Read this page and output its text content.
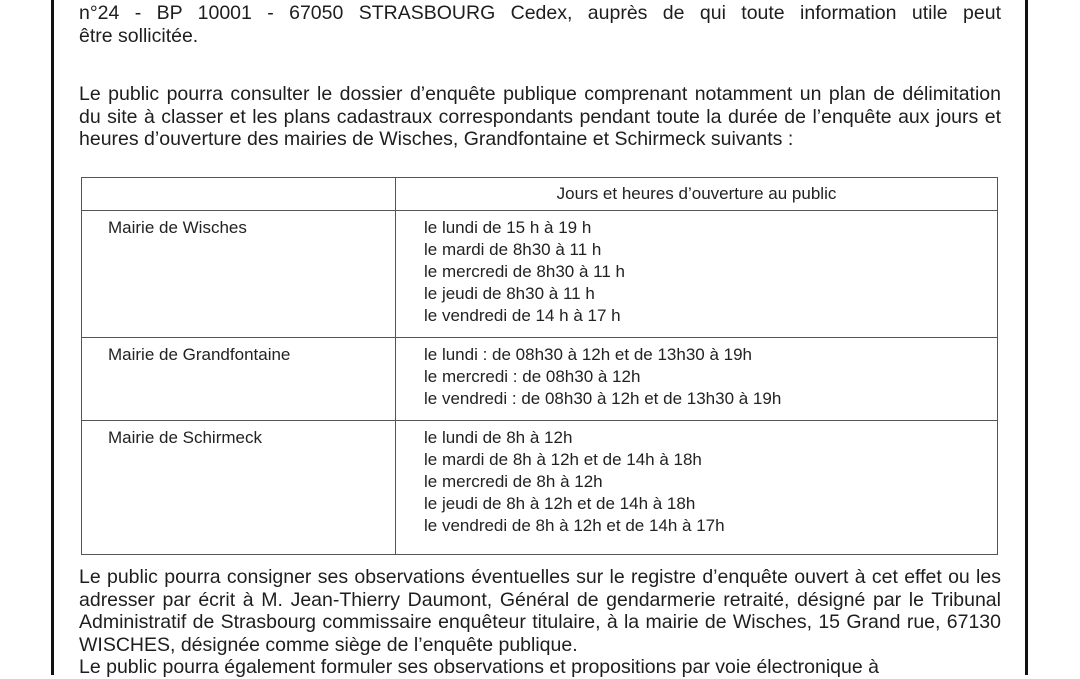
n°24 - BP 10001 - 67050 STRASBOURG Cedex, auprès de qui toute information utile peut
être sollicitée.

Le public pourra consulter le dossier d’enquête publique comprenant notamment un plan de délimitation du site à classer et les plans cadastraux correspondants pendant toute la durée de l’enquête aux jours et heures d’ouverture des mairies de Wisches, Grandfontaine et Schirmeck suivants :

Le public pourra consigner ses observations éventuelles sur le registre d’enquête ouvert à cet effet ou les adresser par écrit à M. Jean-Thierry Daumont, Général de gendarmerie retraité, désigné par le Tribunal Administratif de Strasbourg commissaire enquêteur titulaire, à la mairie de Wisches, 15 Grand rue, 67130 WISCHES, désignée comme siège de l’enquête publique.

Le public pourra également formuler ses observations et propositions par voie électronique à

	Jours et heures d’ouverture au public
Mairie de Wisches	le lundi de 15 h à 19 h
le mardi de 8h30 à 11 h
le mercredi de 8h30 à 11 h
le jeudi de 8h30 à 11 h
le vendredi de 14 h à 17 h

Mairie de Grandfontaine	le lundi : de 08h30 à 12h et de 13h30 à 19h
le mercredi : de 08h30 à 12h
le vendredi : de 08h30 à 12h et de 13h30 à 19h

Mairie de Schirmeck	le lundi de 8h à 12h
le mardi de 8h à 12h et de 14h à 18h
le mercredi de 8h à 12h
le jeudi de 8h à 12h et de 14h à 18h
le vendredi de 8h à 12h et de 14h à 17h
